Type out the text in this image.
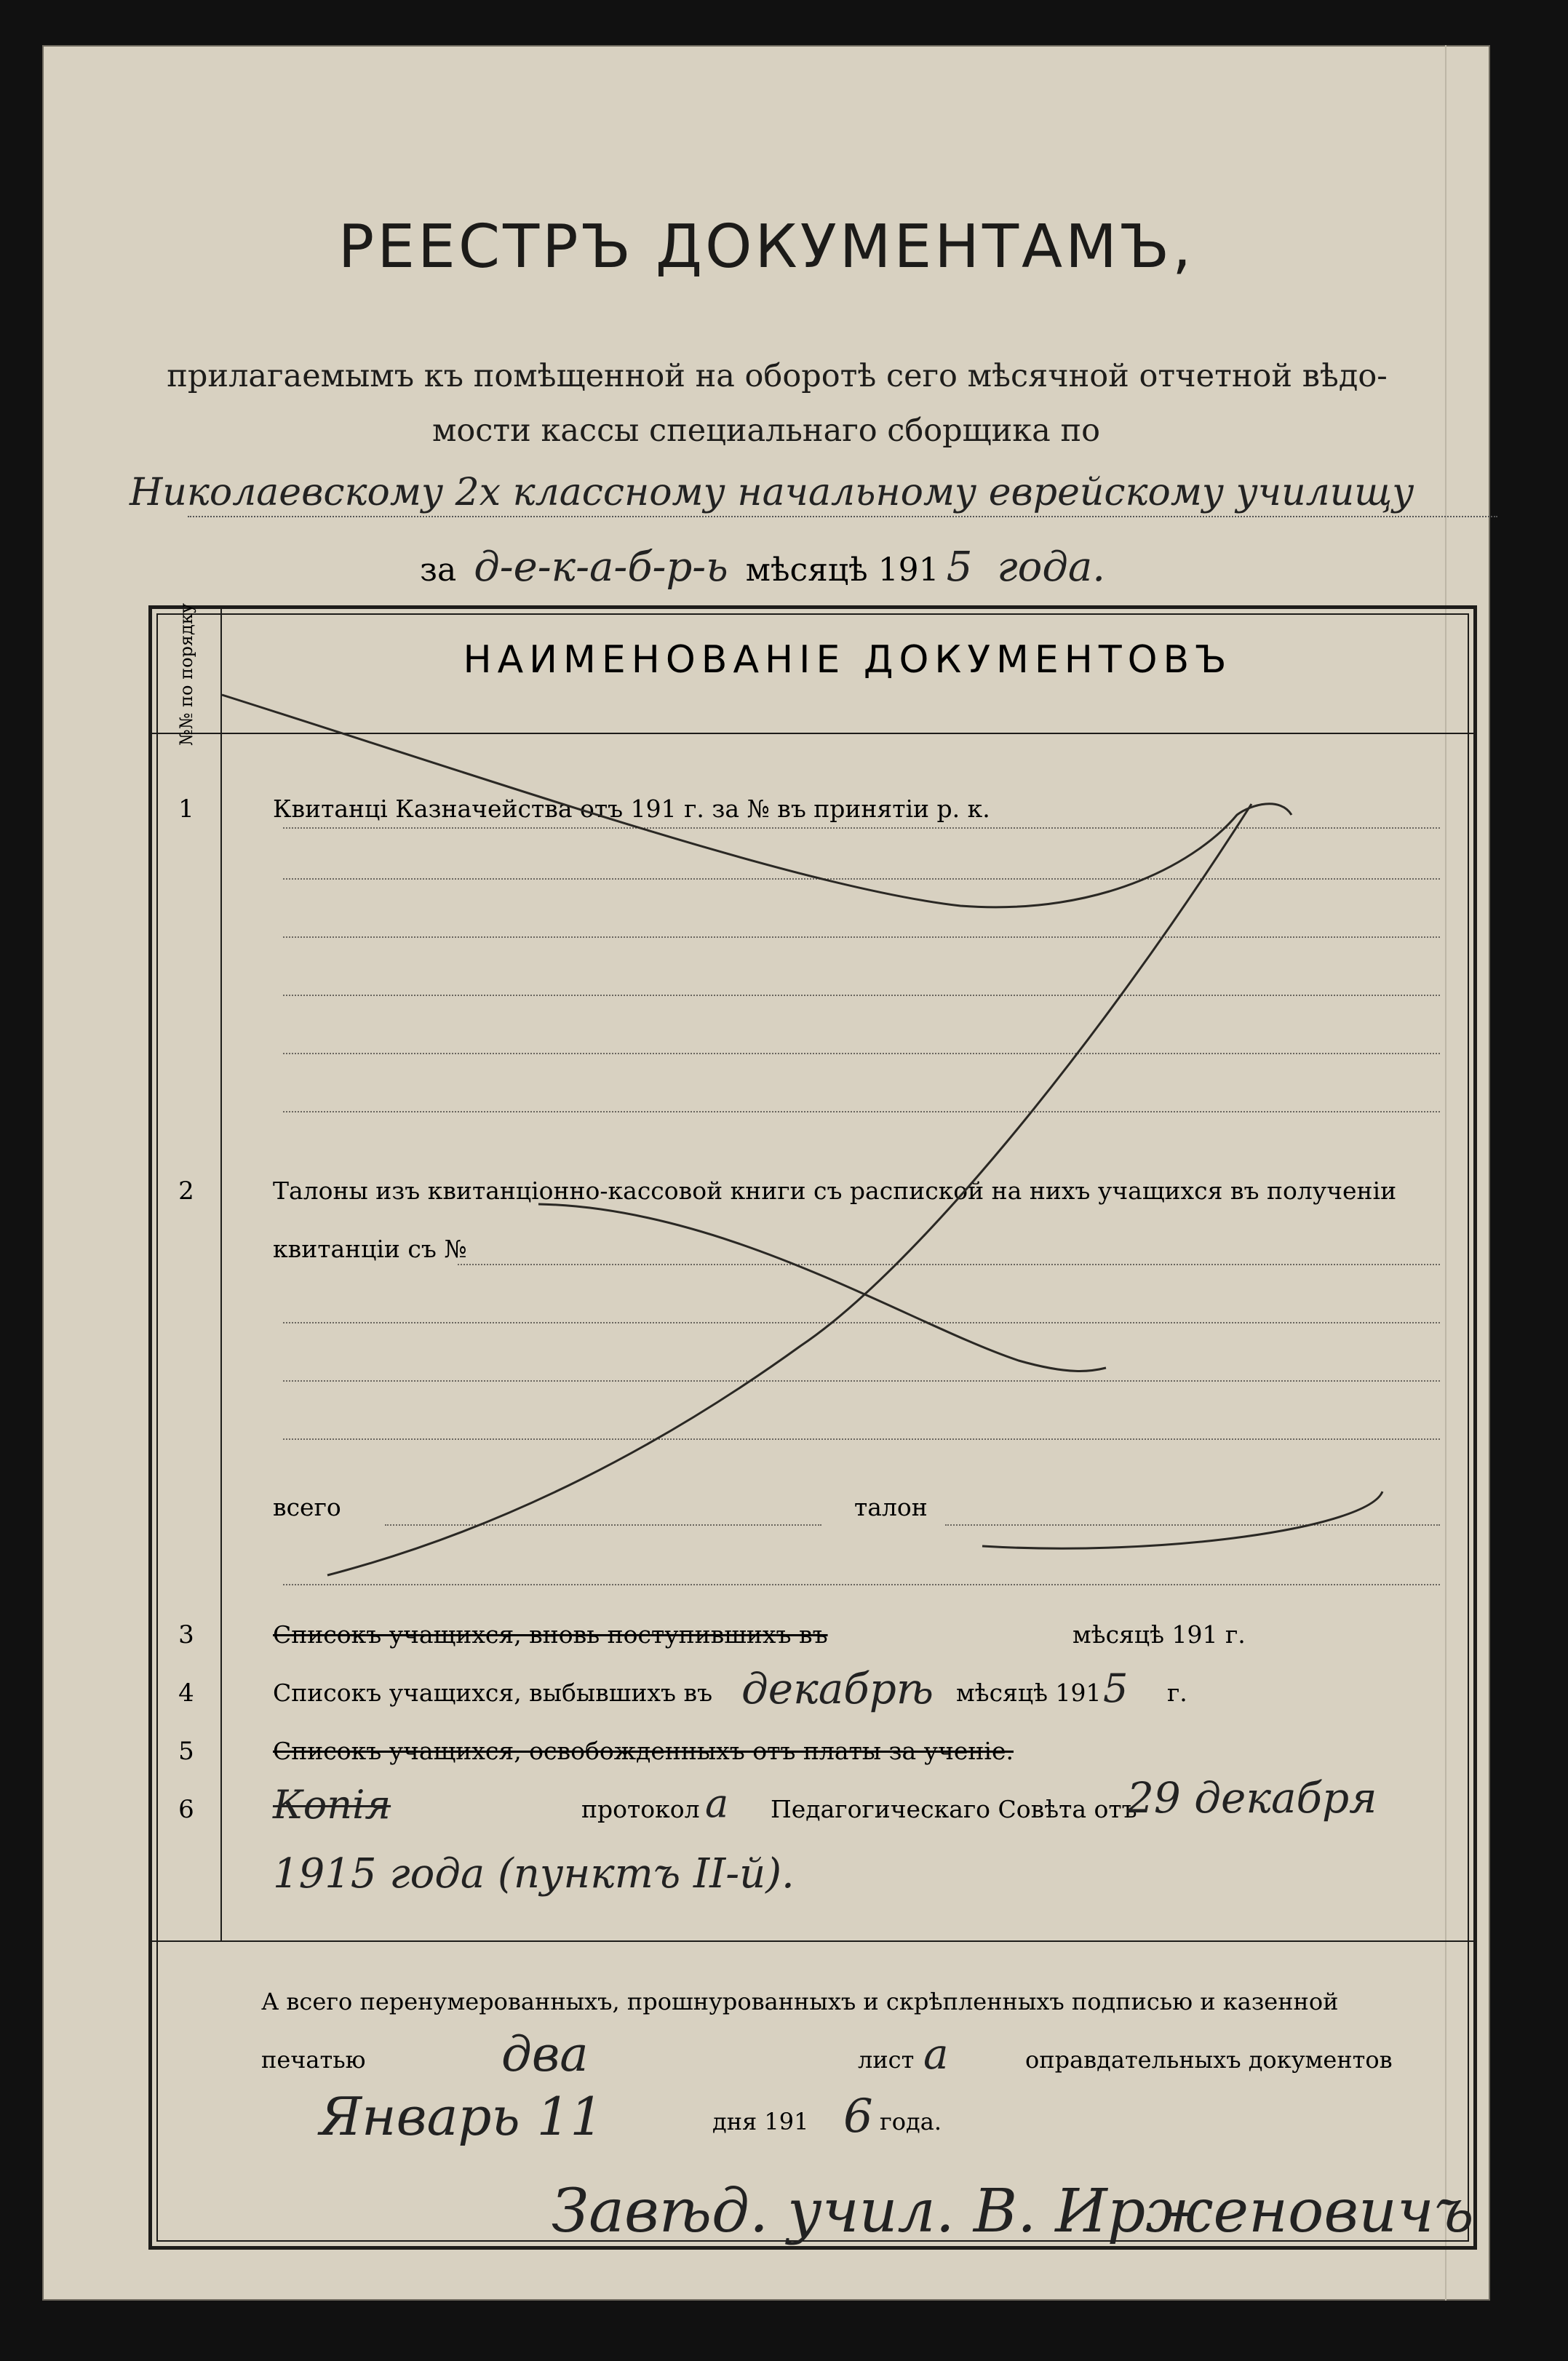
РЕЕСТРЪ ДОКУМЕНТАМЪ,
прилагаемымъ къ помѣщенной на оборотѣ сего мѣсячной отчетной вѣдо-
мости кассы специальнаго сборщика по
Николаевскому 2х классному начальному еврейскому училищу
за д-е-к-а-б-р-ь мѣсяцѣ 191 5 года.
№№ по порядку	НАИМЕНОВАНІЕ ДОКУМЕНТОВЪ
1	Квитанці Казначейства отъ 191 г. за № въ принятіи р. к.
2	Талоны изъ квитанціонно-кассовой книги съ распиской на нихъ учащихся въ полученіи
квитанціи съ №
всего	талон
3	Списокъ учащихся, вновь поступившихъ въ	мѣсяцѣ 191 г.
4	Списокъ учащихся, выбывшихъ въ декабрѣ мѣсяцѣ 191 5	г.
5	Списокъ учащихся, освобожденныхъ отъ платы за ученіе.
6	Копія	протокол а	Педагогическаго Совѣта отъ
29 декабря
1915 года (пунктъ II-й).
А всего перенумерованныхъ, прошнурованныхъ и скрѣпленныхъ подписью и казенной
печатью	два	лист а	оправдательныхъ документов
Январь 11	дня 191 6 года.
Завѣд. учил. В. Ирженовичъ
